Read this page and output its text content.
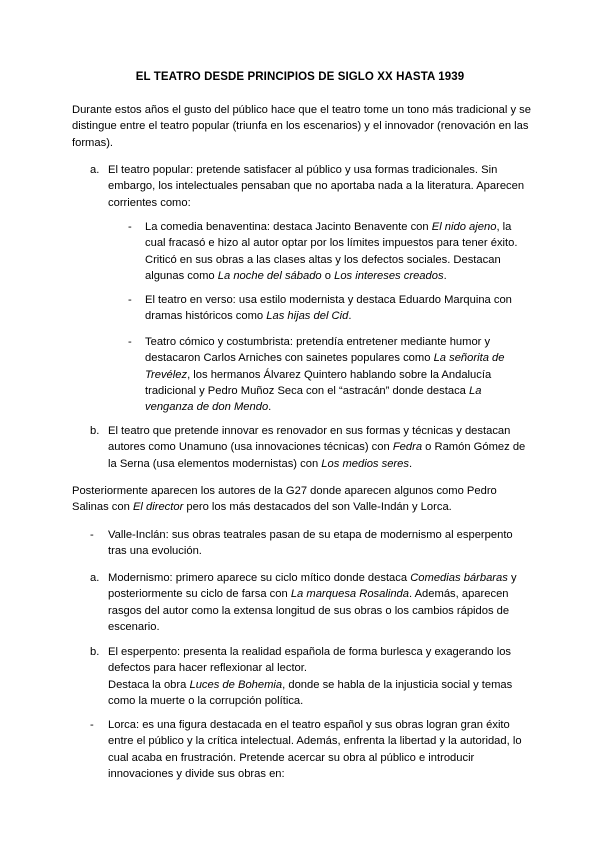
EL TEATRO DESDE PRINCIPIOS DE SIGLO XX HASTA 1939
Durante estos años el gusto del público hace que el teatro tome un tono más tradicional y se distingue entre el teatro popular (triunfa en los escenarios) y el innovador (renovación en las formas).
a. El teatro popular: pretende satisfacer al público y usa formas tradicionales. Sin embargo, los intelectuales pensaban que no aportaba nada a la literatura. Aparecen corrientes como:
- La comedia benaventina: destaca Jacinto Benavente con El nido ajeno, la cual fracasó e hizo al autor optar por los límites impuestos para tener éxito. Criticó en sus obras a las clases altas y los defectos sociales. Destacan algunas como La noche del sábado o Los intereses creados.
- El teatro en verso: usa estilo modernista y destaca Eduardo Marquina con dramas históricos como Las hijas del Cid.
- Teatro cómico y costumbrista: pretendía entretener mediante humor y destacaron Carlos Arniches con sainetes populares como La señorita de Trevélez, los hermanos Álvarez Quintero hablando sobre la Andalucía tradicional y Pedro Muñoz Seca con el “astracán” donde destaca La venganza de don Mendo.
b. El teatro que pretende innovar es renovador en sus formas y técnicas y destacan autores como Unamuno (usa innovaciones técnicas) con Fedra o Ramón Gómez de la Serna (usa elementos modernistas) con Los medios seres.
Posteriormente aparecen los autores de la G27 donde aparecen algunos como Pedro Salinas con El director pero los más destacados del son Valle-Indán y Lorca.
- Valle-Inclán: sus obras teatrales pasan de su etapa de modernismo al esperpento tras una evolución.
a. Modernismo: primero aparece su ciclo mítico donde destaca Comedias bárbaras y posteriormente su ciclo de farsa con La marquesa Rosalinda. Además, aparecen rasgos del autor como la extensa longitud de sus obras o los cambios rápidos de escenario.
b. El esperpento: presenta la realidad española de forma burlesca y exagerando los defectos para hacer reflexionar al lector.
Destaca la obra Luces de Bohemia, donde se habla de la injusticia social y temas como la muerte o la corrupción política.
- Lorca: es una figura destacada en el teatro español y sus obras logran gran éxito entre el público y la crítica intelectual. Además, enfrenta la libertad y la autoridad, lo cual acaba en frustración. Pretende acercar su obra al público e introducir innovaciones y divide sus obras en:
